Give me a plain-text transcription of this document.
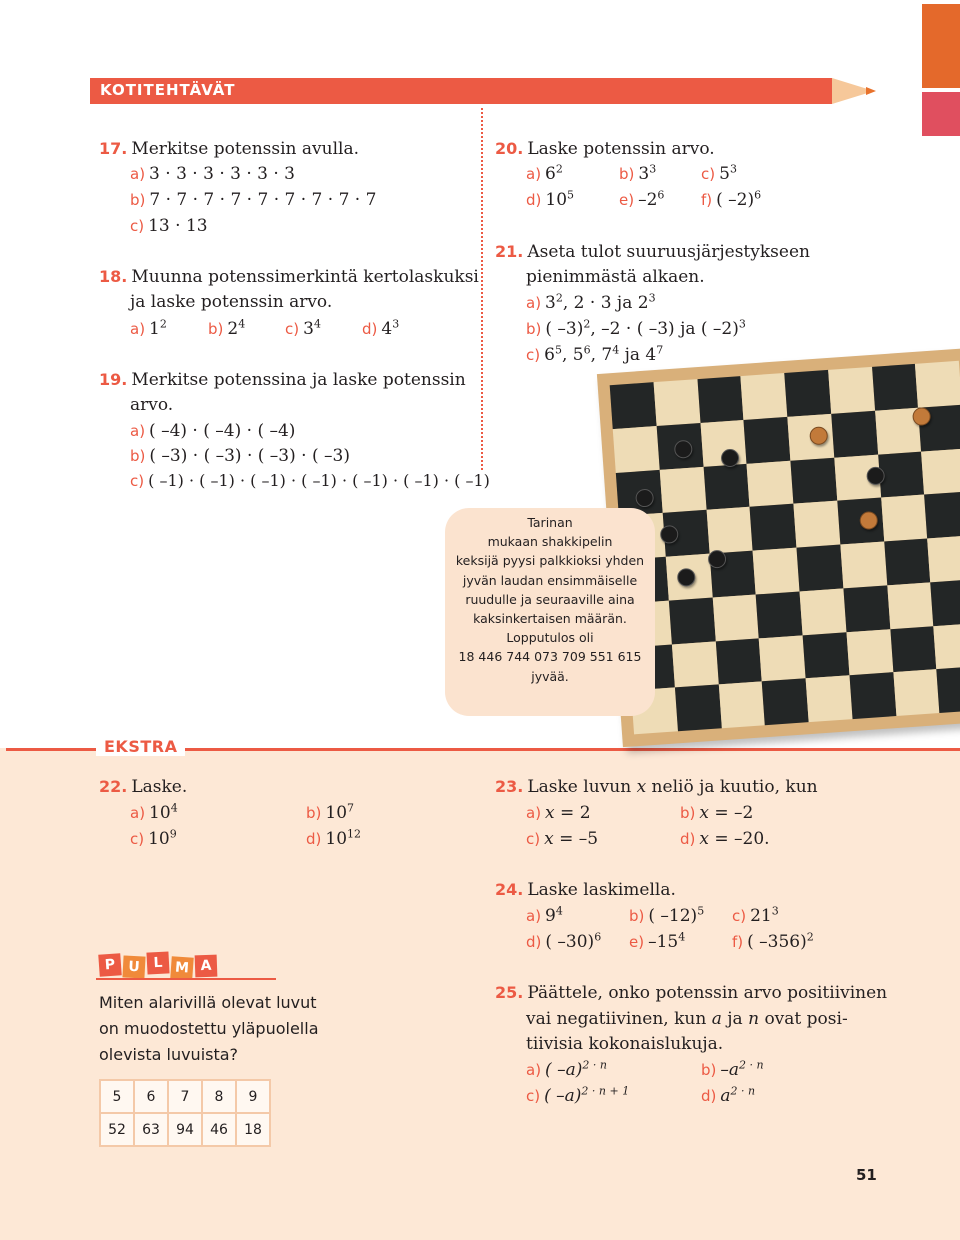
KOTITEHTÄVÄT
17. Merkitse potenssin avulla.
a) 3 · 3 · 3 · 3 · 3 · 3
b) 7 · 7 · 7 · 7 · 7 · 7 · 7 · 7 · 7
c) 13 · 13
18. Muunna potenssimerkintä kertolaskuksi
ja laske potenssin arvo.
a) $1^2$	b) $2^4$	c) $3^4$	d) $4^3$
19. Merkitse potenssina ja laske potenssin
arvo.
a) ( –4) · ( –4) · ( –4)
b) ( –3) · ( –3) · ( –3) · ( –3)
c) ( –1) · ( –1) · ( –1) · ( –1) · ( –1) · ( –1) · ( –1)
20. Laske potenssin arvo.
a) $6^2$	b) $3^3$	c) $5^3$
d) $10^5$	e) $-2^6$ f) ( –2)$^6$
21. Aseta tulot suuruusjärjestykseen
pienimmästä alkaen.
a) $3^2$, 2 · 3 ja $2^3$
b) ( –3)$^2$, –2 · ( –3) ja ( –2)$^3$
c) $6^5$, $5^6$, $7^4$ ja $4^7$
Tarinan
mukaan shakkipelin
keksijä pyysi palkkioksi yhden
jyvän laudan ensimmäiselle
ruudulle ja seuraaville aina
kaksinkertaisen määrän.
Lopputulos oli
18 446 744 073 709 551 615
jyvää.
EKSTRA
22. Laske.
a) $10^4$	b) $10^7$
c) $10^9$	d) $10^{12}$
23. Laske luvun x neliö ja kuutio, kun
a) x = 2	b) x = –2
c) x = –5	d) x = –20.
24. Laske laskimella.
a) $9^4$	b) ( –12)$^5$ c) $21^3$
d) ( –30)$^6$ e) $-15^4$	f) ( –356)$^2$
25. Päättele, onko potenssin arvo positiivinen
vai negatiivinen, kun a ja n ovat posi-
tiivisia kokonaislukuja.
a) ( –a)$^{2 \cdot n}$	b) $-a^{2 \cdot n}$
c) ( –a)$^{2 \cdot n + 1}$	d) $a^{2 \cdot n}$
P U L M A
Miten alarivillä olevat luvut
on muodostettu yläpuolella
olevista luvuista?
5	6	7	8	9
52	63	94	46	18
51
